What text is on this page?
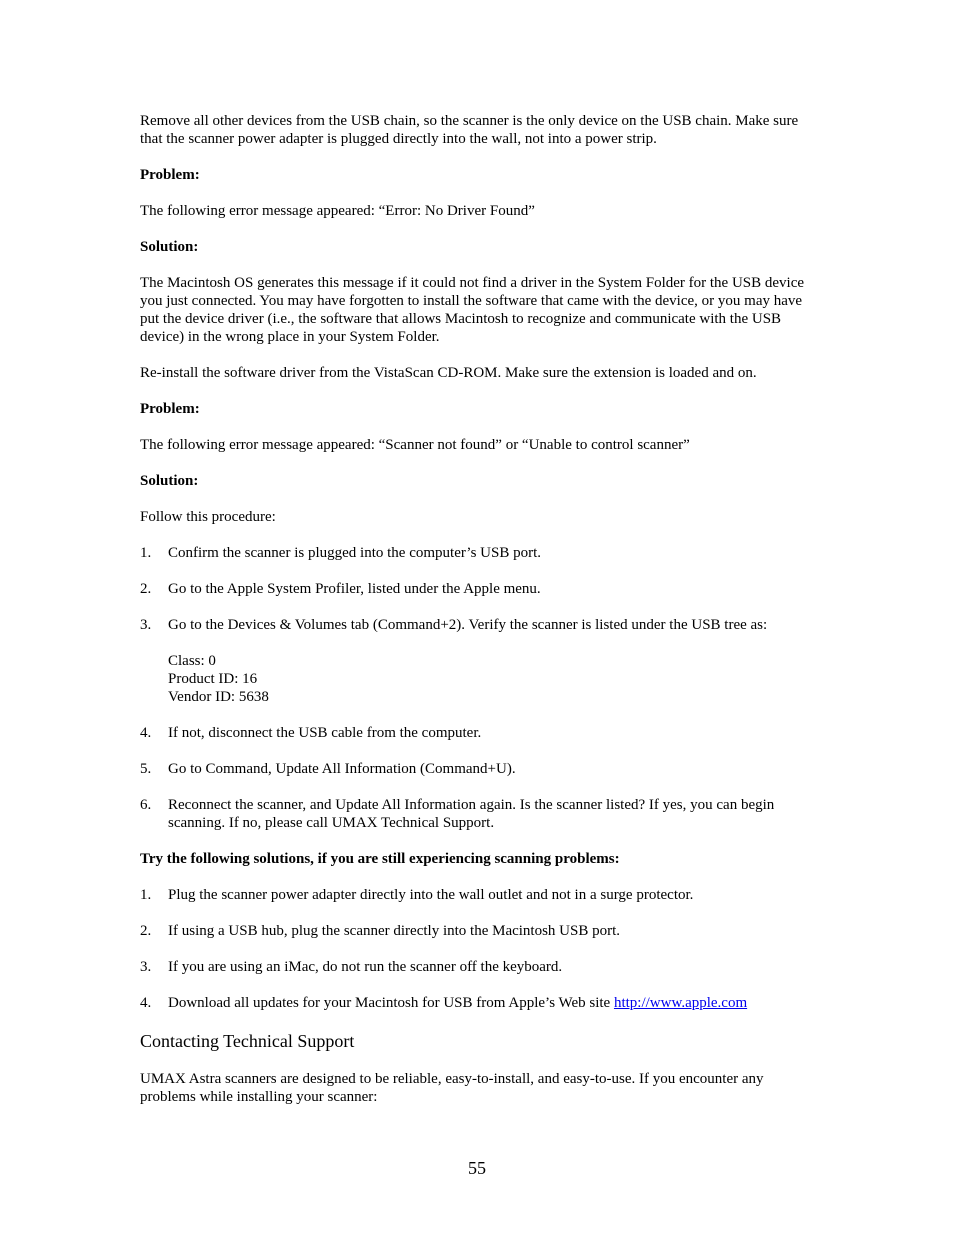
Remove all other devices from the USB chain, so the scanner is the only device on the USB chain. Make sure that the scanner power adapter is plugged directly into the wall, not into a power strip.

Problem:

The following error message appeared: “Error: No Driver Found”

Solution:

The Macintosh OS generates this message if it could not find a driver in the System Folder for the USB device you just connected. You may have forgotten to install the software that came with the device, or you may have put the device driver (i.e., the software that allows Macintosh to recognize and communicate with the USB device) in the wrong place in your System Folder.

Re-install the software driver from the VistaScan CD-ROM. Make sure the extension is loaded and on.

Problem:

The following error message appeared: “Scanner not found” or “Unable to control scanner”

Solution:

Follow this procedure:

1.	Confirm the scanner is plugged into the computer’s USB port.
2.	Go to the Apple System Profiler, listed under the Apple menu.
3.	Go to the Devices & Volumes tab (Command+2). Verify the scanner is listed under the USB tree as:

Class: 0

Product ID: 16

Vendor ID: 5638

4.	If not, disconnect the USB cable from the computer.
5.	Go to Command, Update All Information (Command+U).
6.	Reconnect the scanner, and Update All Information again. Is the scanner listed? If yes, you can begin scanning. If no, please call UMAX Technical Support.

Try the following solutions, if you are still experiencing scanning problems:

1.	Plug the scanner power adapter directly into the wall outlet and not in a surge protector.
2.	If using a USB hub, plug the scanner directly into the Macintosh USB port.
3.	If you are using an iMac, do not run the scanner off the keyboard.
4.	Download all updates for your Macintosh for USB from Apple’s Web site http://www.apple.com

Contacting Technical Support

UMAX Astra scanners are designed to be reliable, easy-to-install, and easy-to-use. If you encounter any problems while installing your scanner:

55
